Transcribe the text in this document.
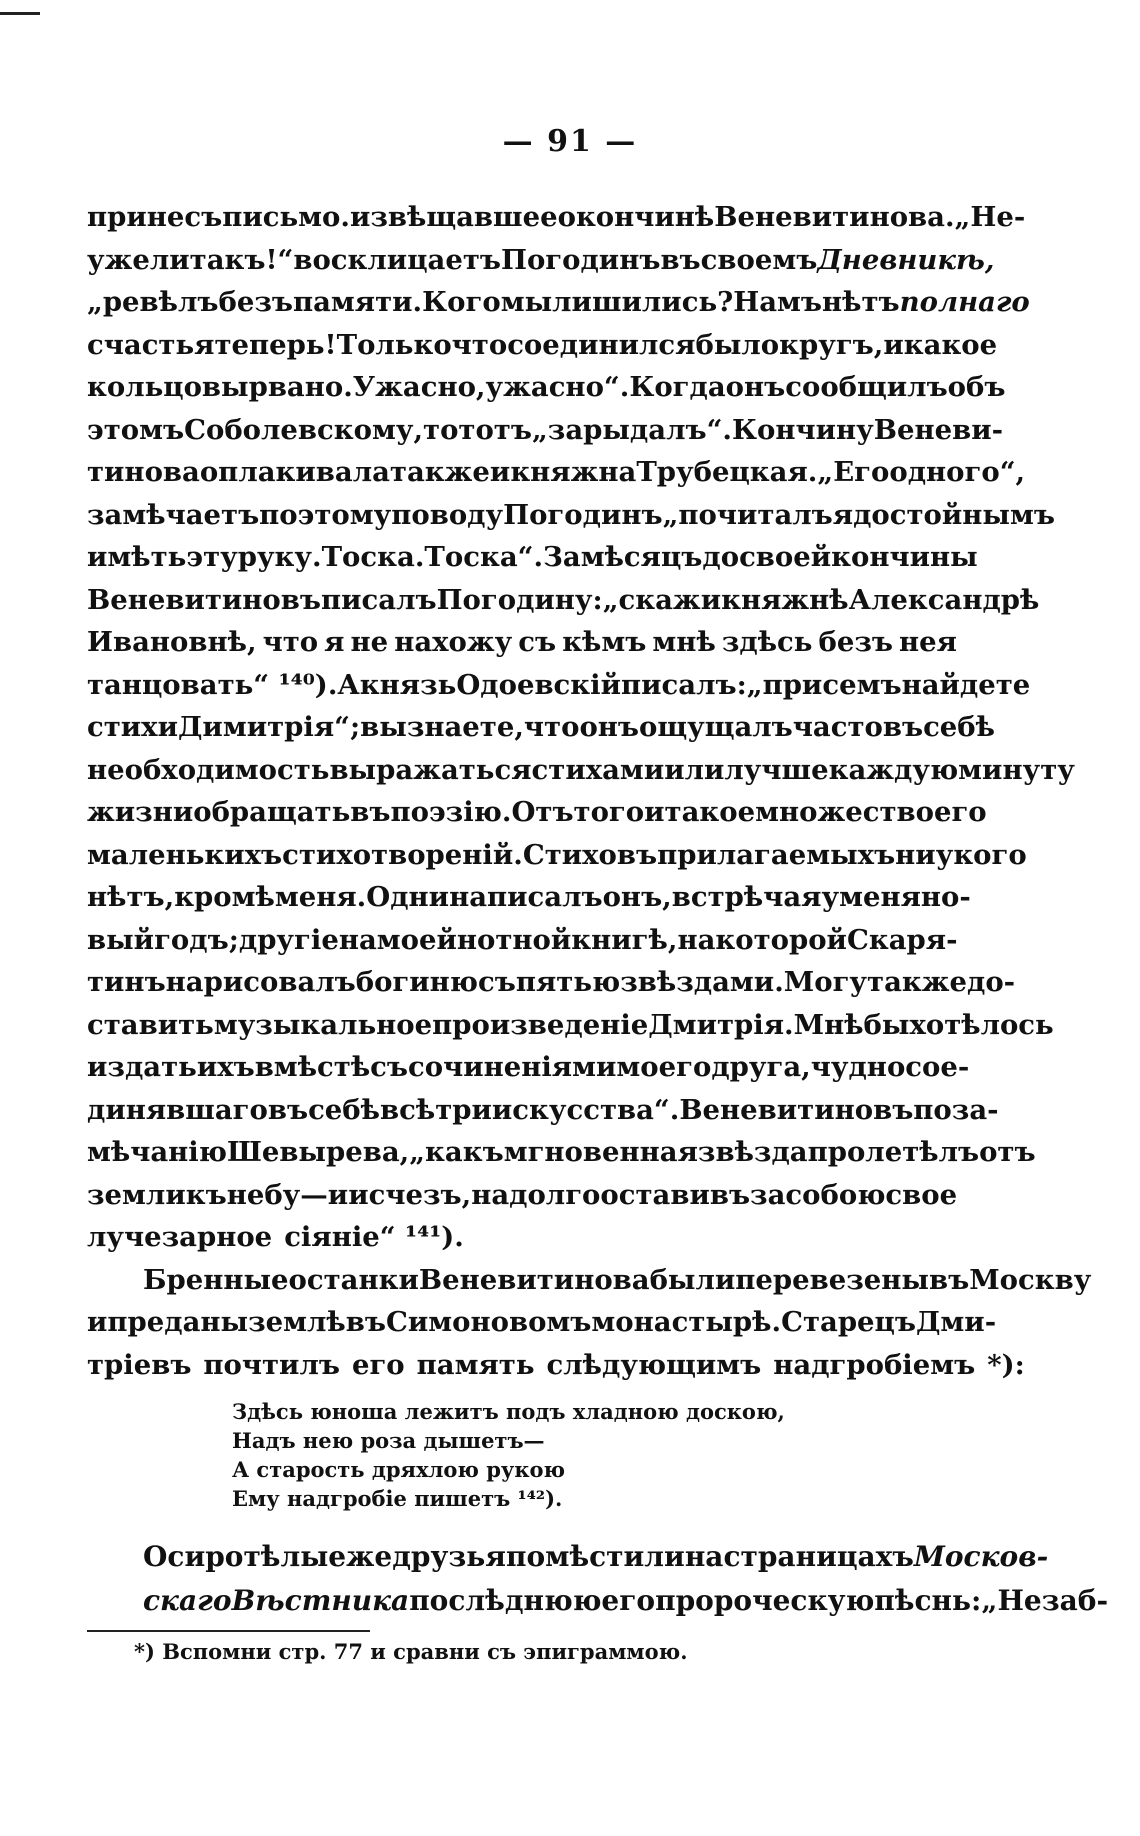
— 91 —
принесъ письмо. извѣщавшее о кончинѣ Веневитинова. „Не-
ужели такъ!“ восклицаетъ Погодинъ въ своемъ Дневникѣ,
„ревѣлъ безъ памяти. Кого мы лишились? Намъ нѣтъ полнаго
счастья теперь! Только что соединился было кругъ, и какое
кольцо вырвано. Ужасно, ужасно“. Когда онъ сообщилъ объ
этомъ Соболевскому, то тотъ „зарыдалъ“. Кончину Веневи-
тинова оплакивала также и княжна Трубецкая. „Его одного“,
замѣчаетъ поэтому поводу Погодинъ „почиталъ я достойнымъ
имѣть эту руку. Тоска. Тоска“. За мѣсяцъ до своей кончины
Веневитиновъ писалъ Погодину: „скажи княжнѣ Александрѣ
Ивановнѣ, что я не нахожу съ кѣмъ мнѣ здѣсь безъ нея
танцовать“ ¹⁴⁰). А князь Одоевскій писалъ: „при семъ найдете
стихи Димитрія“; вы знаете, что онъ ощущалъ часто въ себѣ
необходимость выражаться стихами или лучше каждую минуту
жизни обращать въ поэзію. Отъ того и такое множество его
маленькихъ стихотвореній. Стиховъ прилагаемыхъ ни у кого
нѣтъ, кромѣ меня. Одни написалъ онъ, встрѣчая у меня но-
вый годъ; другіе на моей нотной книгѣ, на которой Скаря-
тинъ нарисовалъ богиню съ пятью звѣздами. Могу также до-
ставить музыкальное произведеніе Дмитрія. Мнѣ бы хотѣлось
издать ихъ вмѣстѣ съ сочиненіями моего друга, чудно сое-
динявшаго въ себѣ всѣ три искусства“. Веневитиновъ по за-
мѣчанію Шевырева, „какъ мгновенная звѣзда пролетѣлъ отъ
земли къ небу — и исчезъ, надолго оставивъ за собою свое
лучезарное сіяніе“ ¹⁴¹).
Бренные останки Веневитинова были перевезены въ Москву
и преданы землѣ въ Симоновомъ монастырѣ. Старецъ Дми-
тріевъ почтилъ его память слѣдующимъ надгробіемъ *):
Здѣсь юноша лежитъ подъ хладною доскою,
Надъ нею роза дышетъ—
А старость дряхлою рукою
Ему надгробіе пишетъ ¹⁴²).
Осиротѣлые же друзья помѣстили на страницахъ Москов-
скаго Вѣстника послѣднюю его пророческую пѣснь: „Незаб-
*) Вспомни стр. 77 и сравни съ эпиграммою.
